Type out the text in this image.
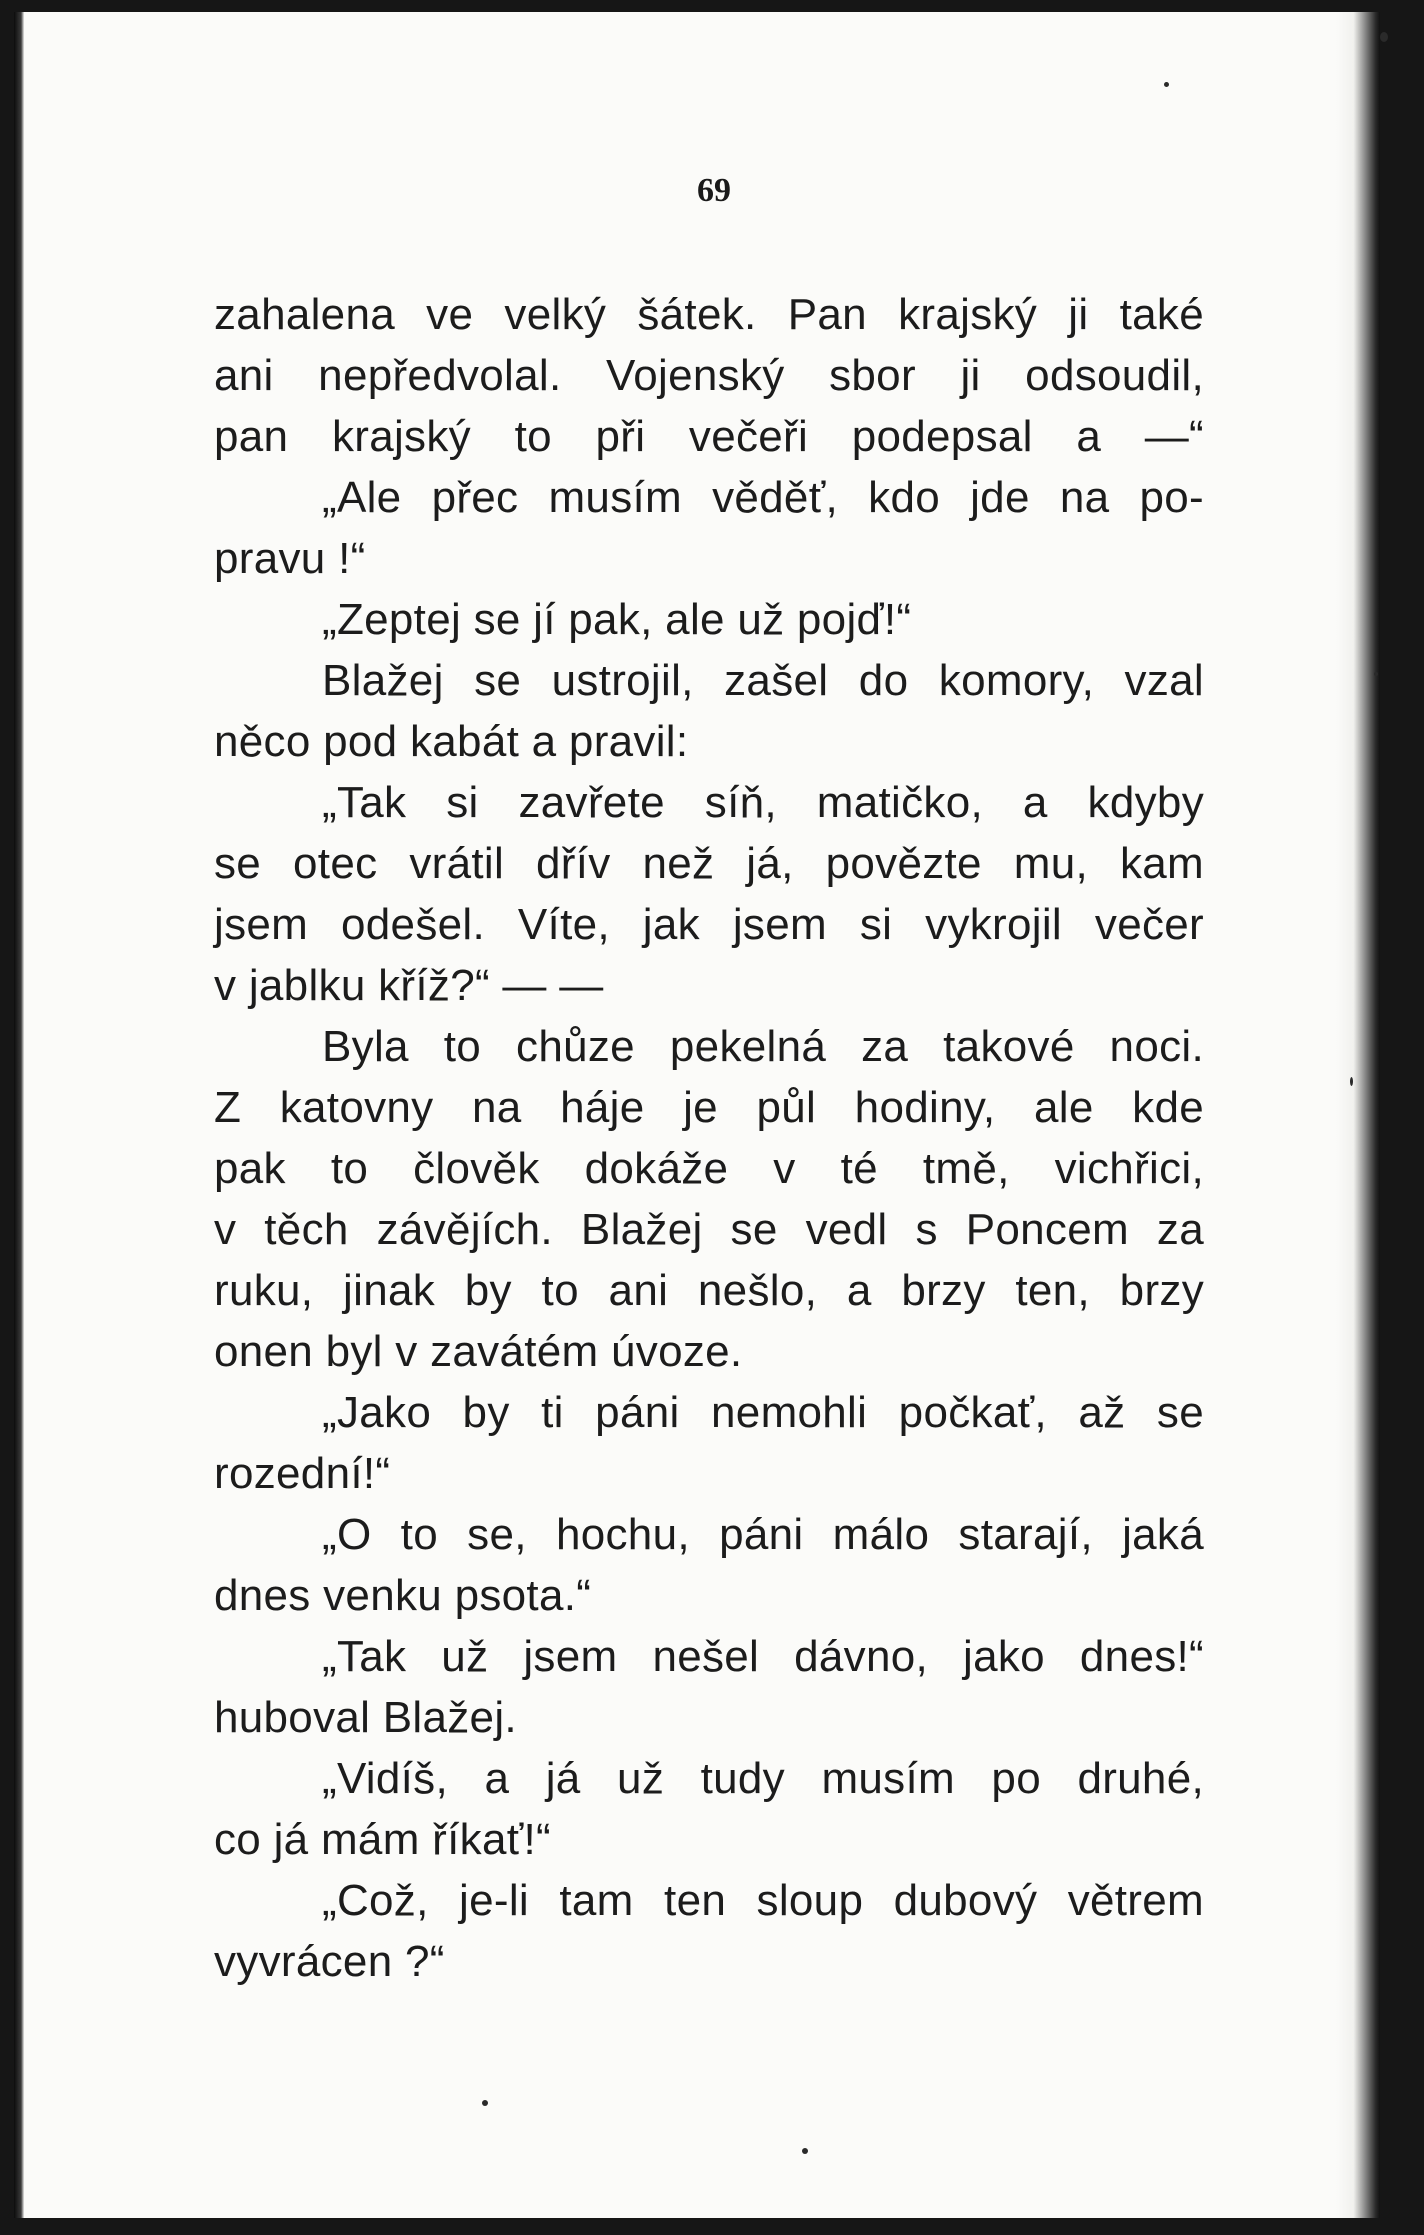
69

zahalena ve velký šátek. Pan krajský ji také
ani nepředvolal. Vojenský sbor ji odsoudil,
pan krajský to při večeři podepsal a —“
„Ale přec musím věděť, kdo jde na po-
pravu !“
„Zeptej se jí pak, ale už pojď!“
Blažej se ustrojil, zašel do komory, vzal
něco pod kabát a pravil:
„Tak si zavřete síň, matičko, a kdyby
se otec vrátil dřív než já, povězte mu, kam
jsem odešel. Víte, jak jsem si vykrojil večer
v jablku kříž?“ — —
Byla to chůze pekelná za takové noci.
Z katovny na háje je půl hodiny, ale kde
pak to člověk dokáže v té tmě, vichřici,
v těch závějích. Blažej se vedl s Poncem za
ruku, jinak by to ani nešlo, a brzy ten, brzy
onen byl v zavátém úvoze.
„Jako by ti páni nemohli počkať, až se
rozední!“
„O to se, hochu, páni málo starají, jaká
dnes venku psota.“
„Tak už jsem nešel dávno, jako dnes!“
huboval Blažej.
„Vidíš, a já už tudy musím po druhé,
co já mám říkať!“
„Což, je-li tam ten sloup dubový větrem
vyvrácen ?“
